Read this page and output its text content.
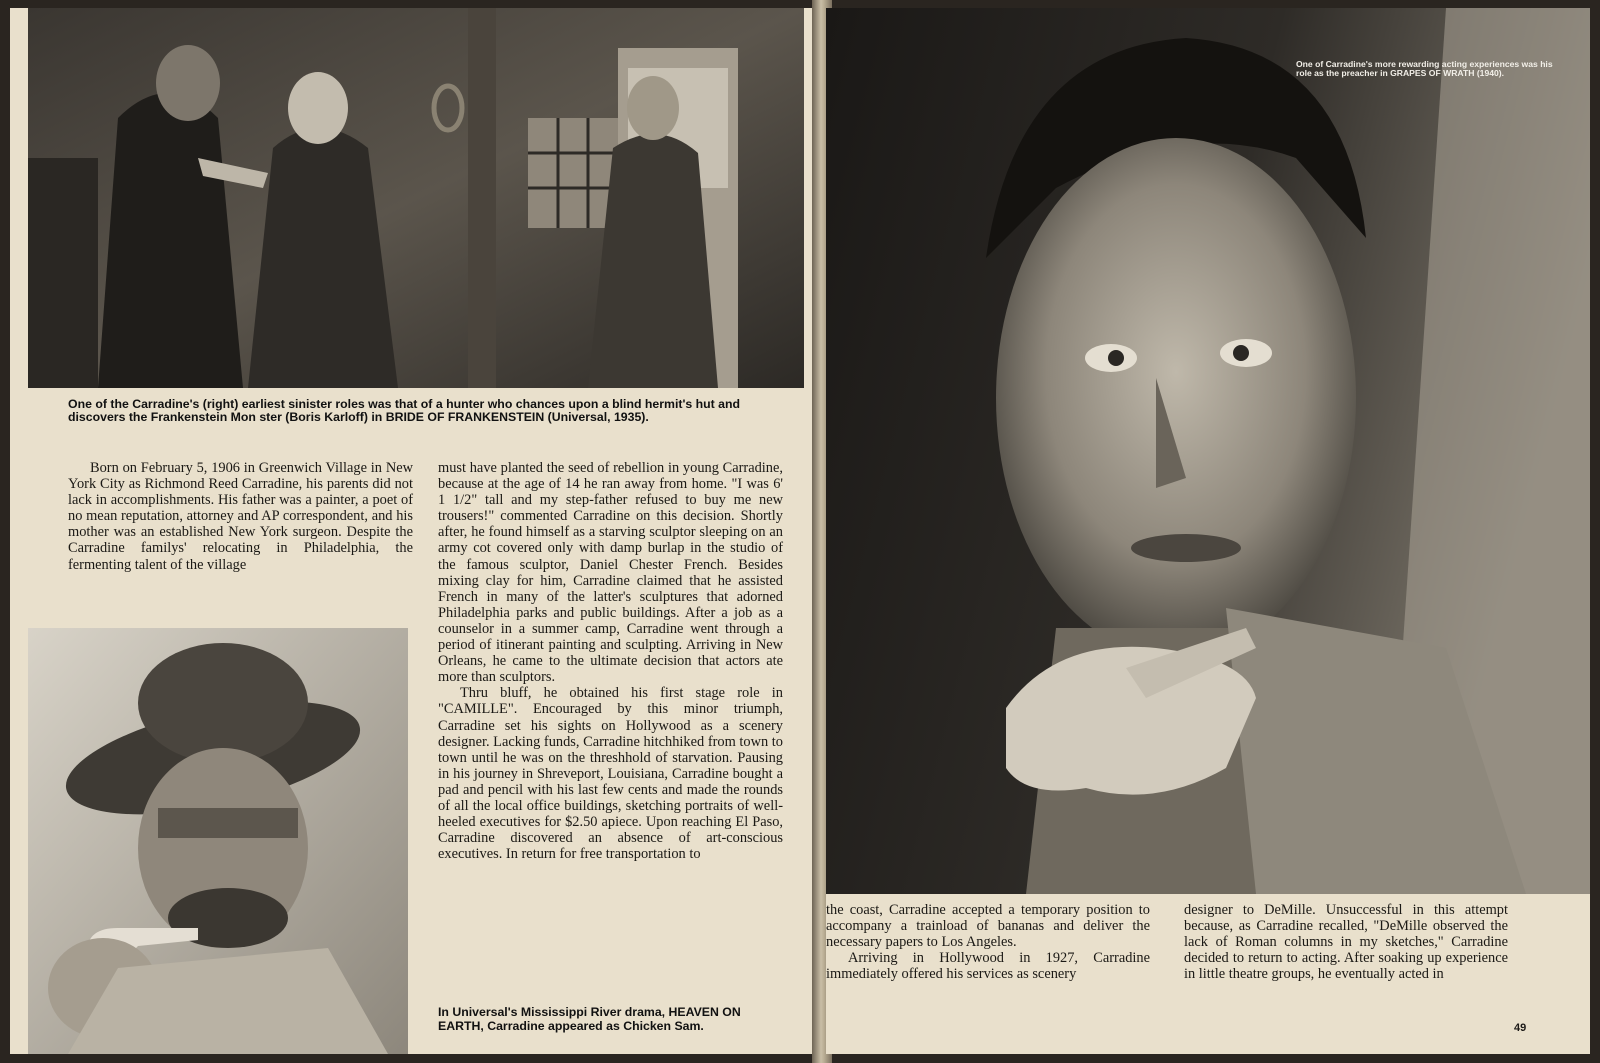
One of the Carradine's (right) earliest sinister roles was that of a hunter who chances upon a blind hermit's hut and discovers the Frankenstein Mon ster (Boris Karloff) in BRIDE OF FRANKENSTEIN (Universal, 1935).

Born on February 5, 1906 in Greenwich Village in New York City as Richmond Reed Carradine, his parents did not lack in accomplishments. His father was a painter, a poet of no mean reputation, attorney and AP correspondent, and his mother was an established New York surgeon. Despite the Carradine familys' relocating in Philadelphia, the fermenting talent of the village

must have planted the seed of rebellion in young Carradine, because at the age of 14 he ran away from home. "I was 6' 1 1/2" tall and my step-father refused to buy me new trousers!" commented Carradine on this decision. Shortly after, he found himself as a starving sculptor sleeping on an army cot covered only with damp burlap in the studio of the famous sculptor, Daniel Chester French. Besides mixing clay for him, Carradine claimed that he assisted French in many of the latter's sculptures that adorned Philadelphia parks and public buildings. After a job as a counselor in a summer camp, Carradine went through a period of itinerant painting and sculpting. Arriving in New Orleans, he came to the ultimate decision that actors ate more than sculptors.

Thru bluff, he obtained his first stage role in "CAMILLE". Encouraged by this minor triumph, Carradine set his sights on Hollywood as a scenery designer. Lacking funds, Carradine hitchhiked from town to town until he was on the threshhold of starvation. Pausing in his journey in Shreveport, Louisiana, Carradine bought a pad and pencil with his last few cents and made the rounds of all the local office buildings, sketching portraits of well-heeled executives for $2.50 apiece. Upon reaching El Paso, Carradine discovered an absence of art-conscious executives. In return for free transportation to

In Universal's Mississippi River drama, HEAVEN ON EARTH, Carradine appeared as Chicken Sam.
One of Carradine's more rewarding acting experiences was his role as the preacher in GRAPES OF WRATH (1940).

the coast, Carradine accepted a temporary position to accompany a trainload of bananas and deliver the necessary papers to Los Angeles.

Arriving in Hollywood in 1927, Carradine immediately offered his services as scenery

designer to DeMille. Unsuccessful in this attempt because, as Carradine recalled, "DeMille observed the lack of Roman columns in my sketches," Carradine decided to return to acting. After soaking up experience in little theatre groups, he eventually acted in

49
